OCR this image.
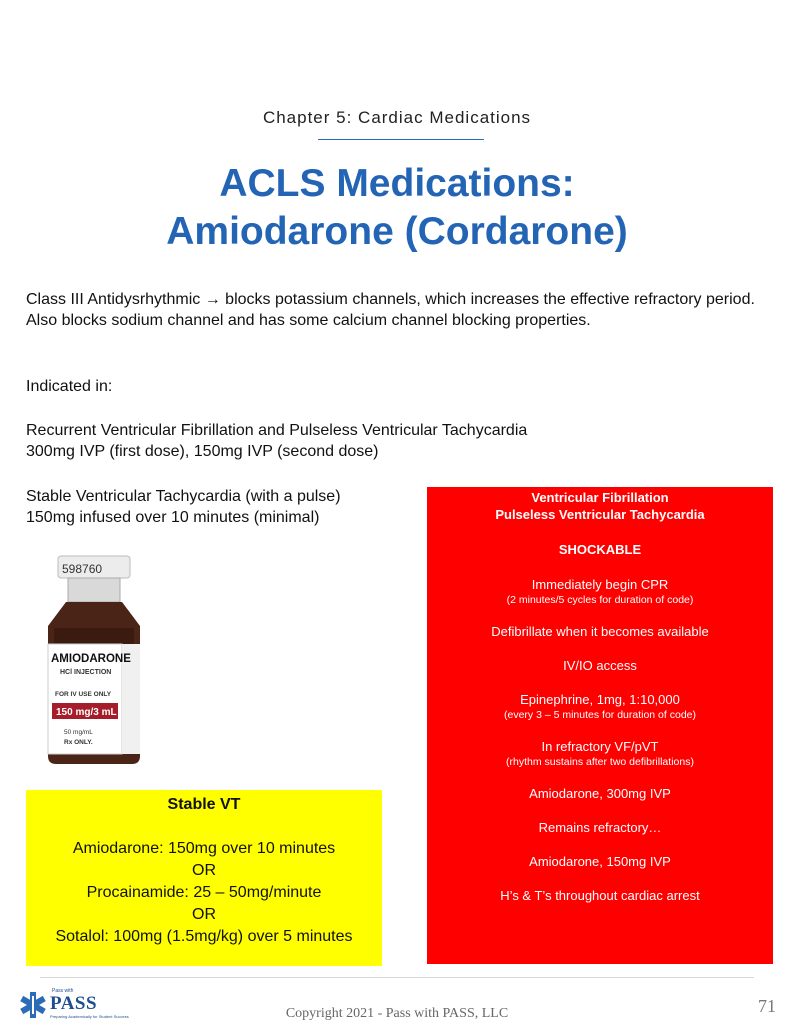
Chapter 5: Cardiac Medications
ACLS Medications:
Amiodarone (Cordarone)
Class III Antidysrhythmic → blocks potassium channels, which increases the effective refractory period. Also blocks sodium channel and has some calcium channel blocking properties.
Indicated in:
Recurrent Ventricular Fibrillation and Pulseless Ventricular Tachycardia
300mg IVP (first dose), 150mg IVP (second dose)
Stable Ventricular Tachycardia (with a pulse)
150mg infused over 10 minutes (minimal)
598760
AMIODARONE
HCl INJECTION
FOR IV USE ONLY
150 mg/3 mL
50 mg/mL
Rx ONLY.
Stable VT
Amiodarone: 150mg over 10 minutes
OR
Procainamide: 25 – 50mg/minute
OR
Sotalol: 100mg (1.5mg/kg) over 5 minutes
Ventricular Fibrillation
Pulseless Ventricular Tachycardia
SHOCKABLE
Immediately begin CPR
(2 minutes/5 cycles for duration of code)
Defibrillate when it becomes available
IV/IO access
Epinephrine, 1mg, 1:10,000
(every 3 – 5 minutes for duration of code)
In refractory VF/pVT
(rhythm sustains after two defibrillations)
Amiodarone, 300mg IVP
Remains refractory…
Amiodarone, 150mg IVP
H’s & T’s throughout cardiac arrest
Pass with
PASS
Preparing Academically for Student Success	Copyright 2021 - Pass with PASS, LLC	71
